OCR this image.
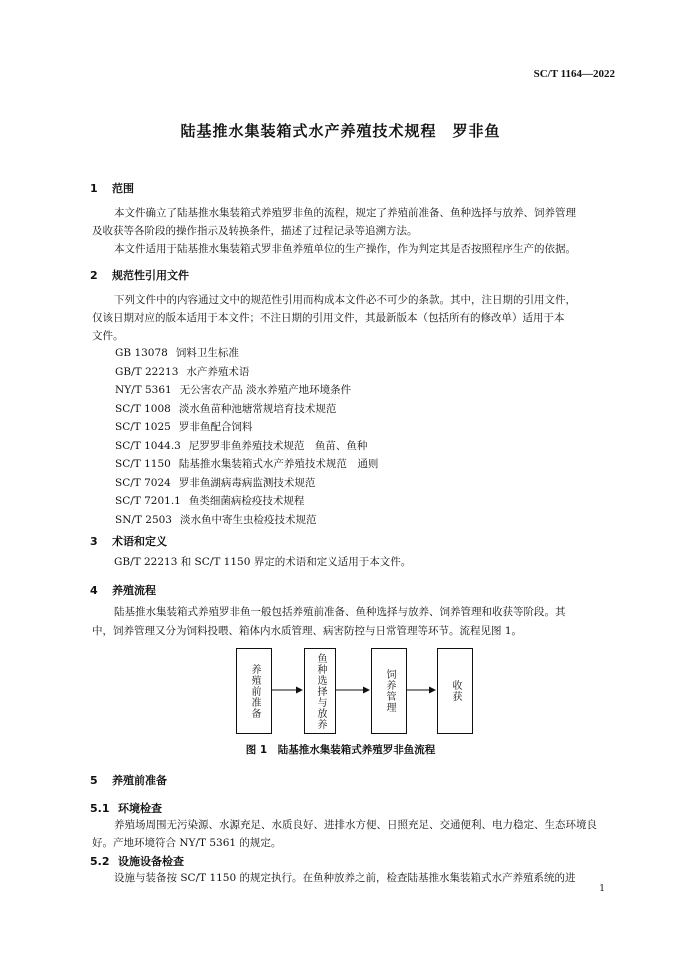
SC/T 1164—2022
陆基推水集装箱式水产养殖技术规程　罗非鱼
1 范围
本文件确立了陆基推水集装箱式养殖罗非鱼的流程，规定了养殖前准备、鱼种选择与放养、饲养管理
及收获等各阶段的操作指示及转换条件，描述了过程记录等追溯方法。
本文件适用于陆基推水集装箱式罗非鱼养殖单位的生产操作，作为判定其是否按照程序生产的依据。
2 规范性引用文件
下列文件中的内容通过文中的规范性引用而构成本文件必不可少的条款。其中，注日期的引用文件，
仅该日期对应的版本适用于本文件；不注日期的引用文件，其最新版本（包括所有的修改单）适用于本
文件。
GB 13078 饲料卫生标准
GB/T 22213 水产养殖术语
NY/T 5361 无公害农产品 淡水养殖产地环境条件
SC/T 1008 淡水鱼苗种池塘常规培育技术规范
SC/T 1025 罗非鱼配合饲料
SC/T 1044.3 尼罗罗非鱼养殖技术规范　鱼苗、鱼种
SC/T 1150 陆基推水集装箱式水产养殖技术规范　通则
SC/T 7024 罗非鱼湖病毒病监测技术规范
SC/T 7201.1 鱼类细菌病检疫技术规程
SN/T 2503 淡水鱼中寄生虫检疫技术规范
3 术语和定义
GB/T 22213 和 SC/T 1150 界定的术语和定义适用于本文件。
4 养殖流程
陆基推水集装箱式养殖罗非鱼一般包括养殖前准备、鱼种选择与放养、饲养管理和收获等阶段。其
中，饲养管理又分为饲料投喂、箱体内水质管理、病害防控与日常管理等环节。流程见图 1。
养殖前准备	鱼种选择与放养	饲养管理	收获
图 1　陆基推水集装箱式养殖罗非鱼流程
5 养殖前准备
5.1 环境检查
养殖场周围无污染源、水源充足、水质良好、进排水方便、日照充足、交通便利、电力稳定、生态环境良
好。产地环境符合 NY/T 5361 的规定。
5.2 设施设备检查
设施与装备按 SC/T 1150 的规定执行。在鱼种放养之前，检查陆基推水集装箱式水产养殖系统的进
1
